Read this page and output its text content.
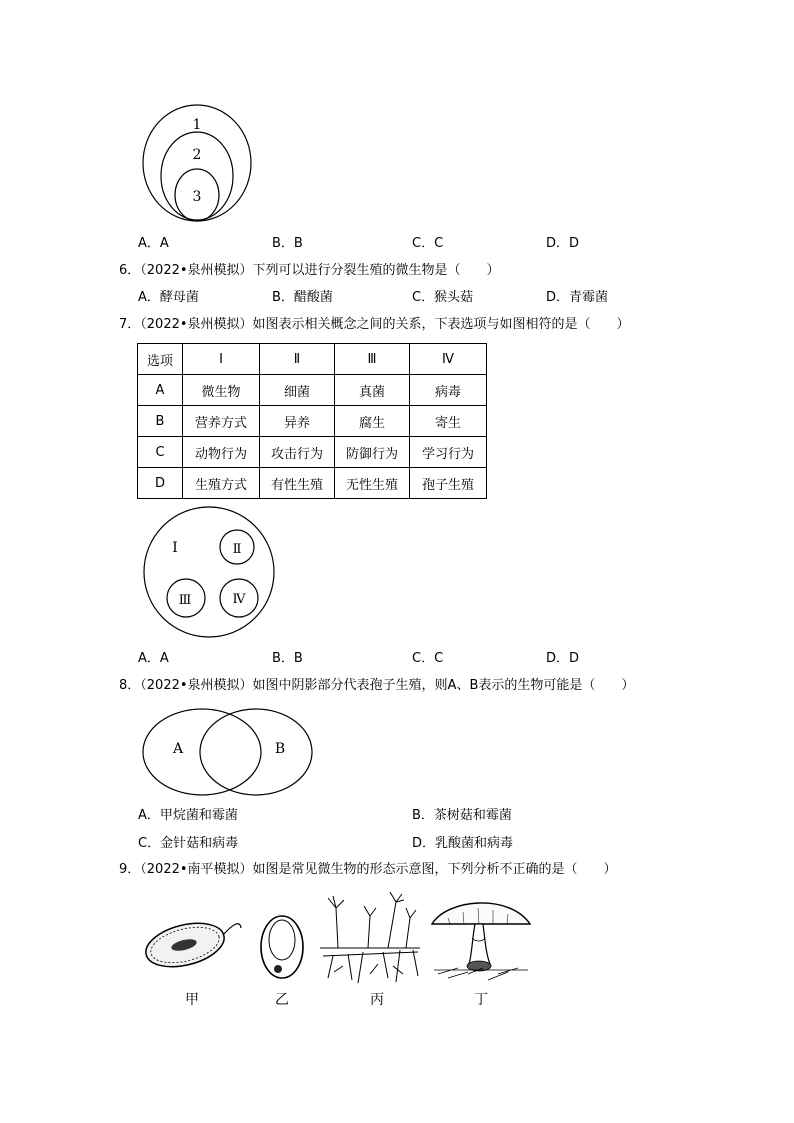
1
2
3
A．A	B．B	C．C	D．D
6．（2022•泉州模拟）下列可以进行分裂生殖的微生物是（　　）
A．酵母菌	B．醋酸菌	C．猴头菇	D．青霉菌
7．（2022•泉州模拟）如图表示相关概念之间的关系，下表选项与如图相符的是（　　）
选项	Ⅰ	Ⅱ	Ⅲ	Ⅳ
A	微生物	细菌	真菌	病毒
B	营养方式	异养	腐生	寄生
C	动物行为	攻击行为	防御行为	学习行为
D	生殖方式	有性生殖	无性生殖	孢子生殖
Ⅰ	Ⅱ
Ⅲ	Ⅳ
A．A	B．B	C．C	D．D
8．（2022•泉州模拟）如图中阴影部分代表孢子生殖，则A、B表示的生物可能是（　　）
A	B
A．甲烷菌和霉菌	B．茶树菇和霉菌
C．金针菇和病毒	D．乳酸菌和病毒
9．（2022•南平模拟）如图是常见微生物的形态示意图，下列分析不正确的是（　　）
甲	乙	丙	丁
